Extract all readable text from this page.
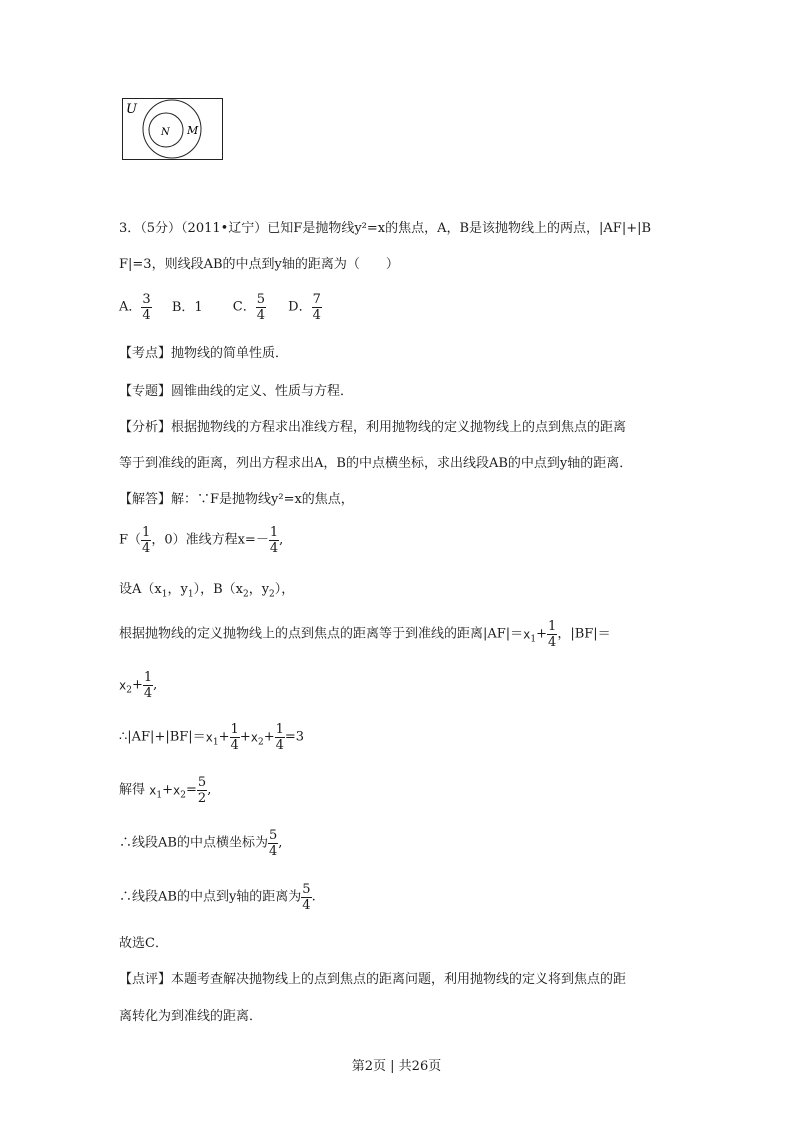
U
N M
3．（5分）（2011•辽宁）已知F是抛物线y²=x的焦点，A，B是该抛物线上的两点，|AF|+|B
F|=3，则线段AB的中点到y轴的距离为（　　）
A． $\frac{3}{4}$ B．1 C． $\frac{5}{4}$ D． $\frac{7}{4}$
【考点】抛物线的简单性质．
【专题】圆锥曲线的定义、性质与方程．
【分析】根据抛物线的方程求出准线方程，利用抛物线的定义抛物线上的点到焦点的距离
等于到准线的距离，列出方程求出A，B的中点横坐标，求出线段AB的中点到y轴的距离．
【解答】解：∵F是抛物线y²=x的焦点，
$F( \frac{1}{4}$ ，0）准线方程$x=- \frac{1}{4}$ ,
设$A(x_1$，$y_1$），$B(x_2$，$y_2$），
根据抛物线的定义抛物线上的点到焦点的距离等于到准线的距离$|AF|=x_1+ \frac{1}{4}$ ，|BF|＝
$x_2+ \frac{1}{4}$ ,
$\therefore|AF|+|BF|=x_1+ \frac{1}{4} +x_2+ \frac{1}{4} =3$
解得 $x_1+x_2= \frac{5}{2}$ ,
∴线段AB的中点横坐标为 $\frac{5}{4}$ ,
∴线段AB的中点到y轴的距离为 $\frac{5}{4}$ .
故选C．
【点评】本题考查解决抛物线上的点到焦点的距离问题，利用抛物线的定义将到焦点的距
离转化为到准线的距离．
第2页 | 共26页
